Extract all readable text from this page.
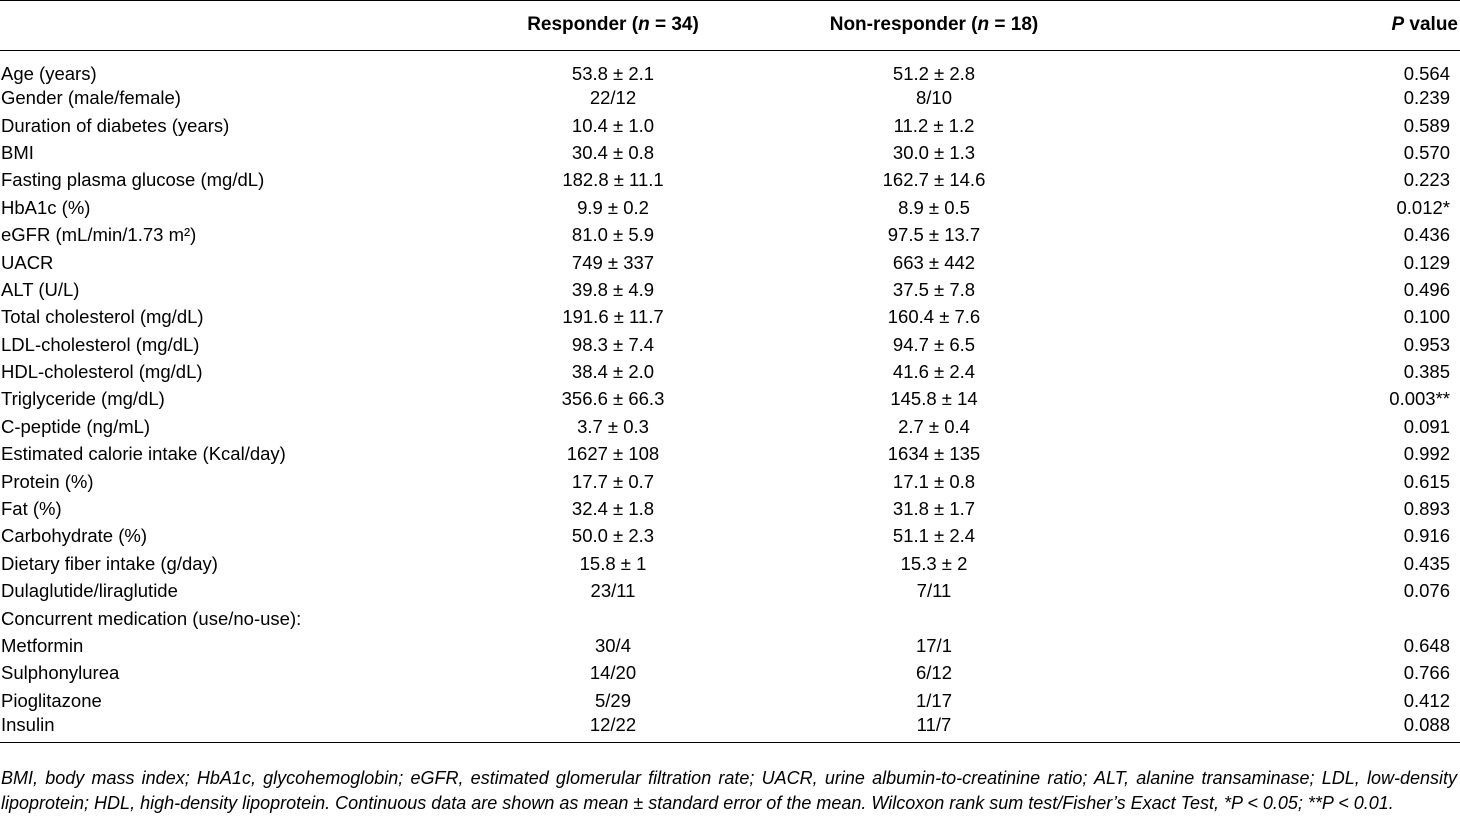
	Responder (n = 34)	Non-responder (n = 18)	P value
Age (years)	53.8 ± 2.1	51.2 ± 2.8	0.564
Gender (male/female)	22/12	8/10	0.239
Duration of diabetes (years)	10.4 ± 1.0	11.2 ± 1.2	0.589
BMI	30.4 ± 0.8	30.0 ± 1.3	0.570
Fasting plasma glucose (mg/dL)	182.8 ± 11.1	162.7 ± 14.6	0.223
HbA1c (%)	9.9 ± 0.2	8.9 ± 0.5	0.012*
eGFR (mL/min/1.73 m²)	81.0 ± 5.9	97.5 ± 13.7	0.436
UACR	749 ± 337	663 ± 442	0.129
ALT (U/L)	39.8 ± 4.9	37.5 ± 7.8	0.496
Total cholesterol (mg/dL)	191.6 ± 11.7	160.4 ± 7.6	0.100
LDL-cholesterol (mg/dL)	98.3 ± 7.4	94.7 ± 6.5	0.953
HDL-cholesterol (mg/dL)	38.4 ± 2.0	41.6 ± 2.4	0.385
Triglyceride (mg/dL)	356.6 ± 66.3	145.8 ± 14	0.003**
C-peptide (ng/mL)	3.7 ± 0.3	2.7 ± 0.4	0.091
Estimated calorie intake (Kcal/day)	1627 ± 108	1634 ± 135	0.992
Protein (%)	17.7 ± 0.7	17.1 ± 0.8	0.615
Fat (%)	32.4 ± 1.8	31.8 ± 1.7	0.893
Carbohydrate (%)	50.0 ± 2.3	51.1 ± 2.4	0.916
Dietary fiber intake (g/day)	15.8 ± 1	15.3 ± 2	0.435
Dulaglutide/liraglutide	23/11	7/11	0.076
Concurrent medication (use/no-use):			
Metformin	30/4	17/1	0.648
Sulphonylurea	14/20	6/12	0.766
Pioglitazone	5/29	1/17	0.412
Insulin	12/22	11/7	0.088
BMI, body mass index; HbA1c, glycohemoglobin; eGFR, estimated glomerular filtration rate; UACR, urine albumin-to-creatinine ratio; ALT, alanine transaminase; LDL, low-density lipoprotein; HDL, high-density lipoprotein. Continuous data are shown as mean ± standard error of the mean. Wilcoxon rank sum test/Fisher’s Exact Test, *P < 0.05; **P < 0.01.
